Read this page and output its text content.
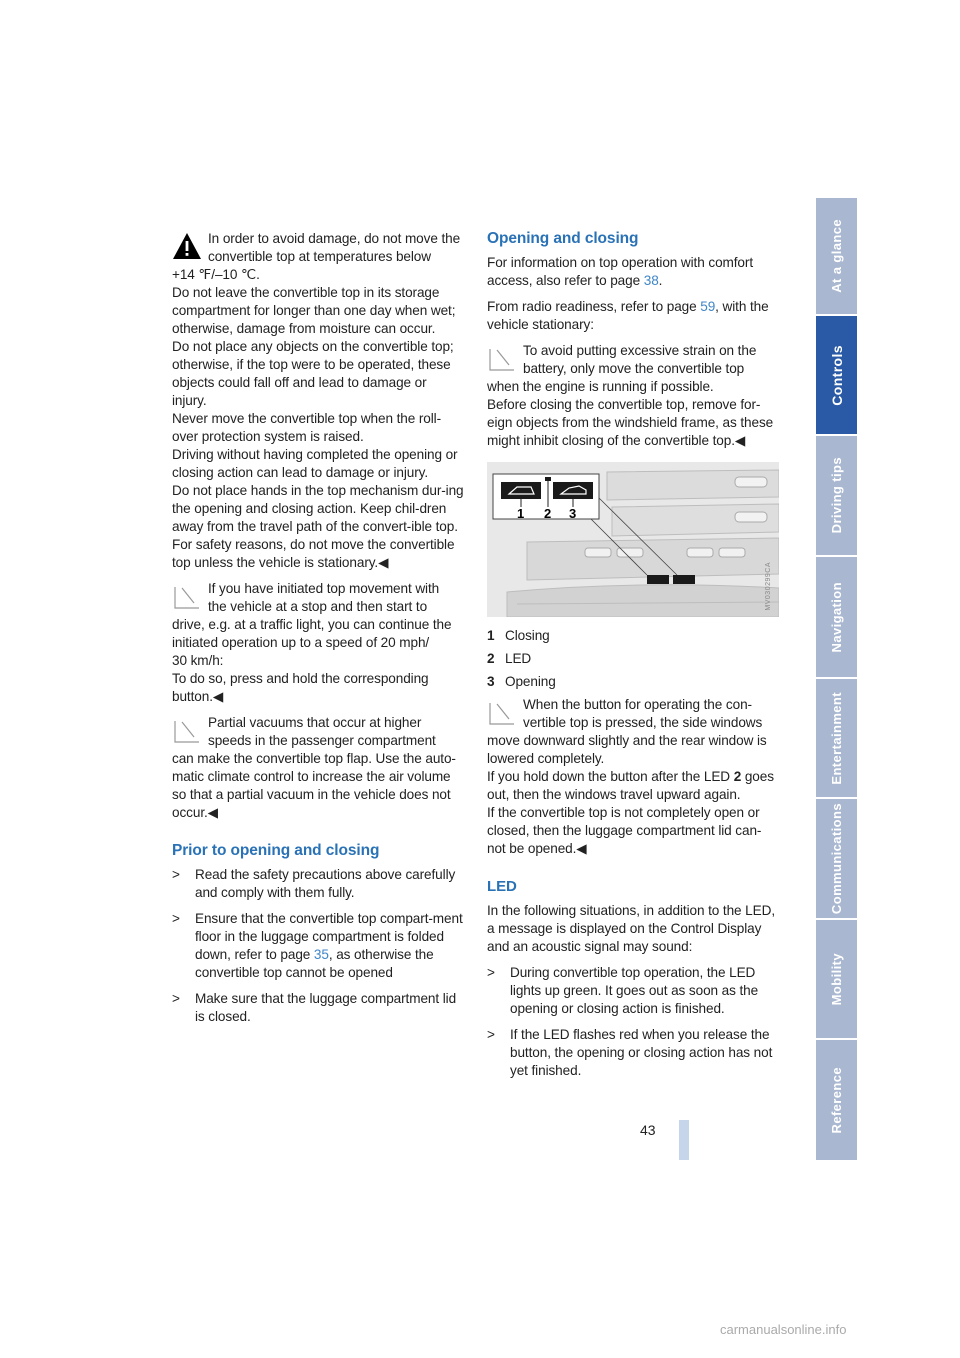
In order to avoid damage, do not move the

convertible top at temperatures below

+14 ℉/–10 ℃.
Do not leave the convertible top in its storage compartment for longer than one day when wet; otherwise, damage from moisture can occur.
Do not place any objects on the convertible top; otherwise, if the top were to be operated, these objects could fall off and lead to damage or injury.
Never move the convertible top when the roll-over protection system is raised.
Driving without having completed the opening or closing action can lead to damage or injury.
Do not place hands in the top mechanism dur-ing the opening and closing action. Keep chil-dren away from the travel path of the convert-ible top.
For safety reasons, do not move the convertible top unless the vehicle is stationary.◀

If you have initiated top movement with

the vehicle at a stop and then start to

drive, e.g. at a traffic light, you can continue the initiated operation up to a speed of 20 mph/
30 km/h:
To do so, press and hold the corresponding button.◀

Partial vacuums that occur at higher

speeds in the passenger compartment

can make the convertible top flap. Use the auto-matic climate control to increase the air volume so that a partial vacuum in the vehicle does not occur.◀

Prior to opening and closing
> Read the safety precautions above carefully and comply with them fully.
> Ensure that the convertible top compart-ment floor in the luggage compartment is folded down, refer to page 35, as otherwise the convertible top cannot be opened
> Make sure that the luggage compartment lid is closed.
Opening and closing

For information on top operation with comfort access, also refer to page 38.

From radio readiness, refer to page 59, with the vehicle stationary:

To avoid putting excessive strain on the

battery, only move the convertible top

when the engine is running if possible.
Before closing the convertible top, remove for-eign objects from the windshield frame, as these might inhibit closing of the convertible top.◀

1 2 3
MV030299CA
1 Closing
2 LED
3 Opening

When the button for operating the con-

vertible top is pressed, the side windows

move downward slightly and the rear window is lowered completely.

If you hold down the button after the LED 2 goes out, then the windows travel upward again.

If the convertible top is not completely open or closed, then the luggage compartment lid can-not be opened.◀

LED

In the following situations, in addition to the LED, a message is displayed on the Control Display and an acoustic signal may sound:

> During convertible top operation, the LED lights up green. It goes out as soon as the opening or closing action is finished.
> If the LED flashes red when you release the button, the opening or closing action has not yet finished.
At a glance
Controls
Driving tips
Navigation
Entertainment
Communications
Mobility
Reference
43
carmanualsonline.info
